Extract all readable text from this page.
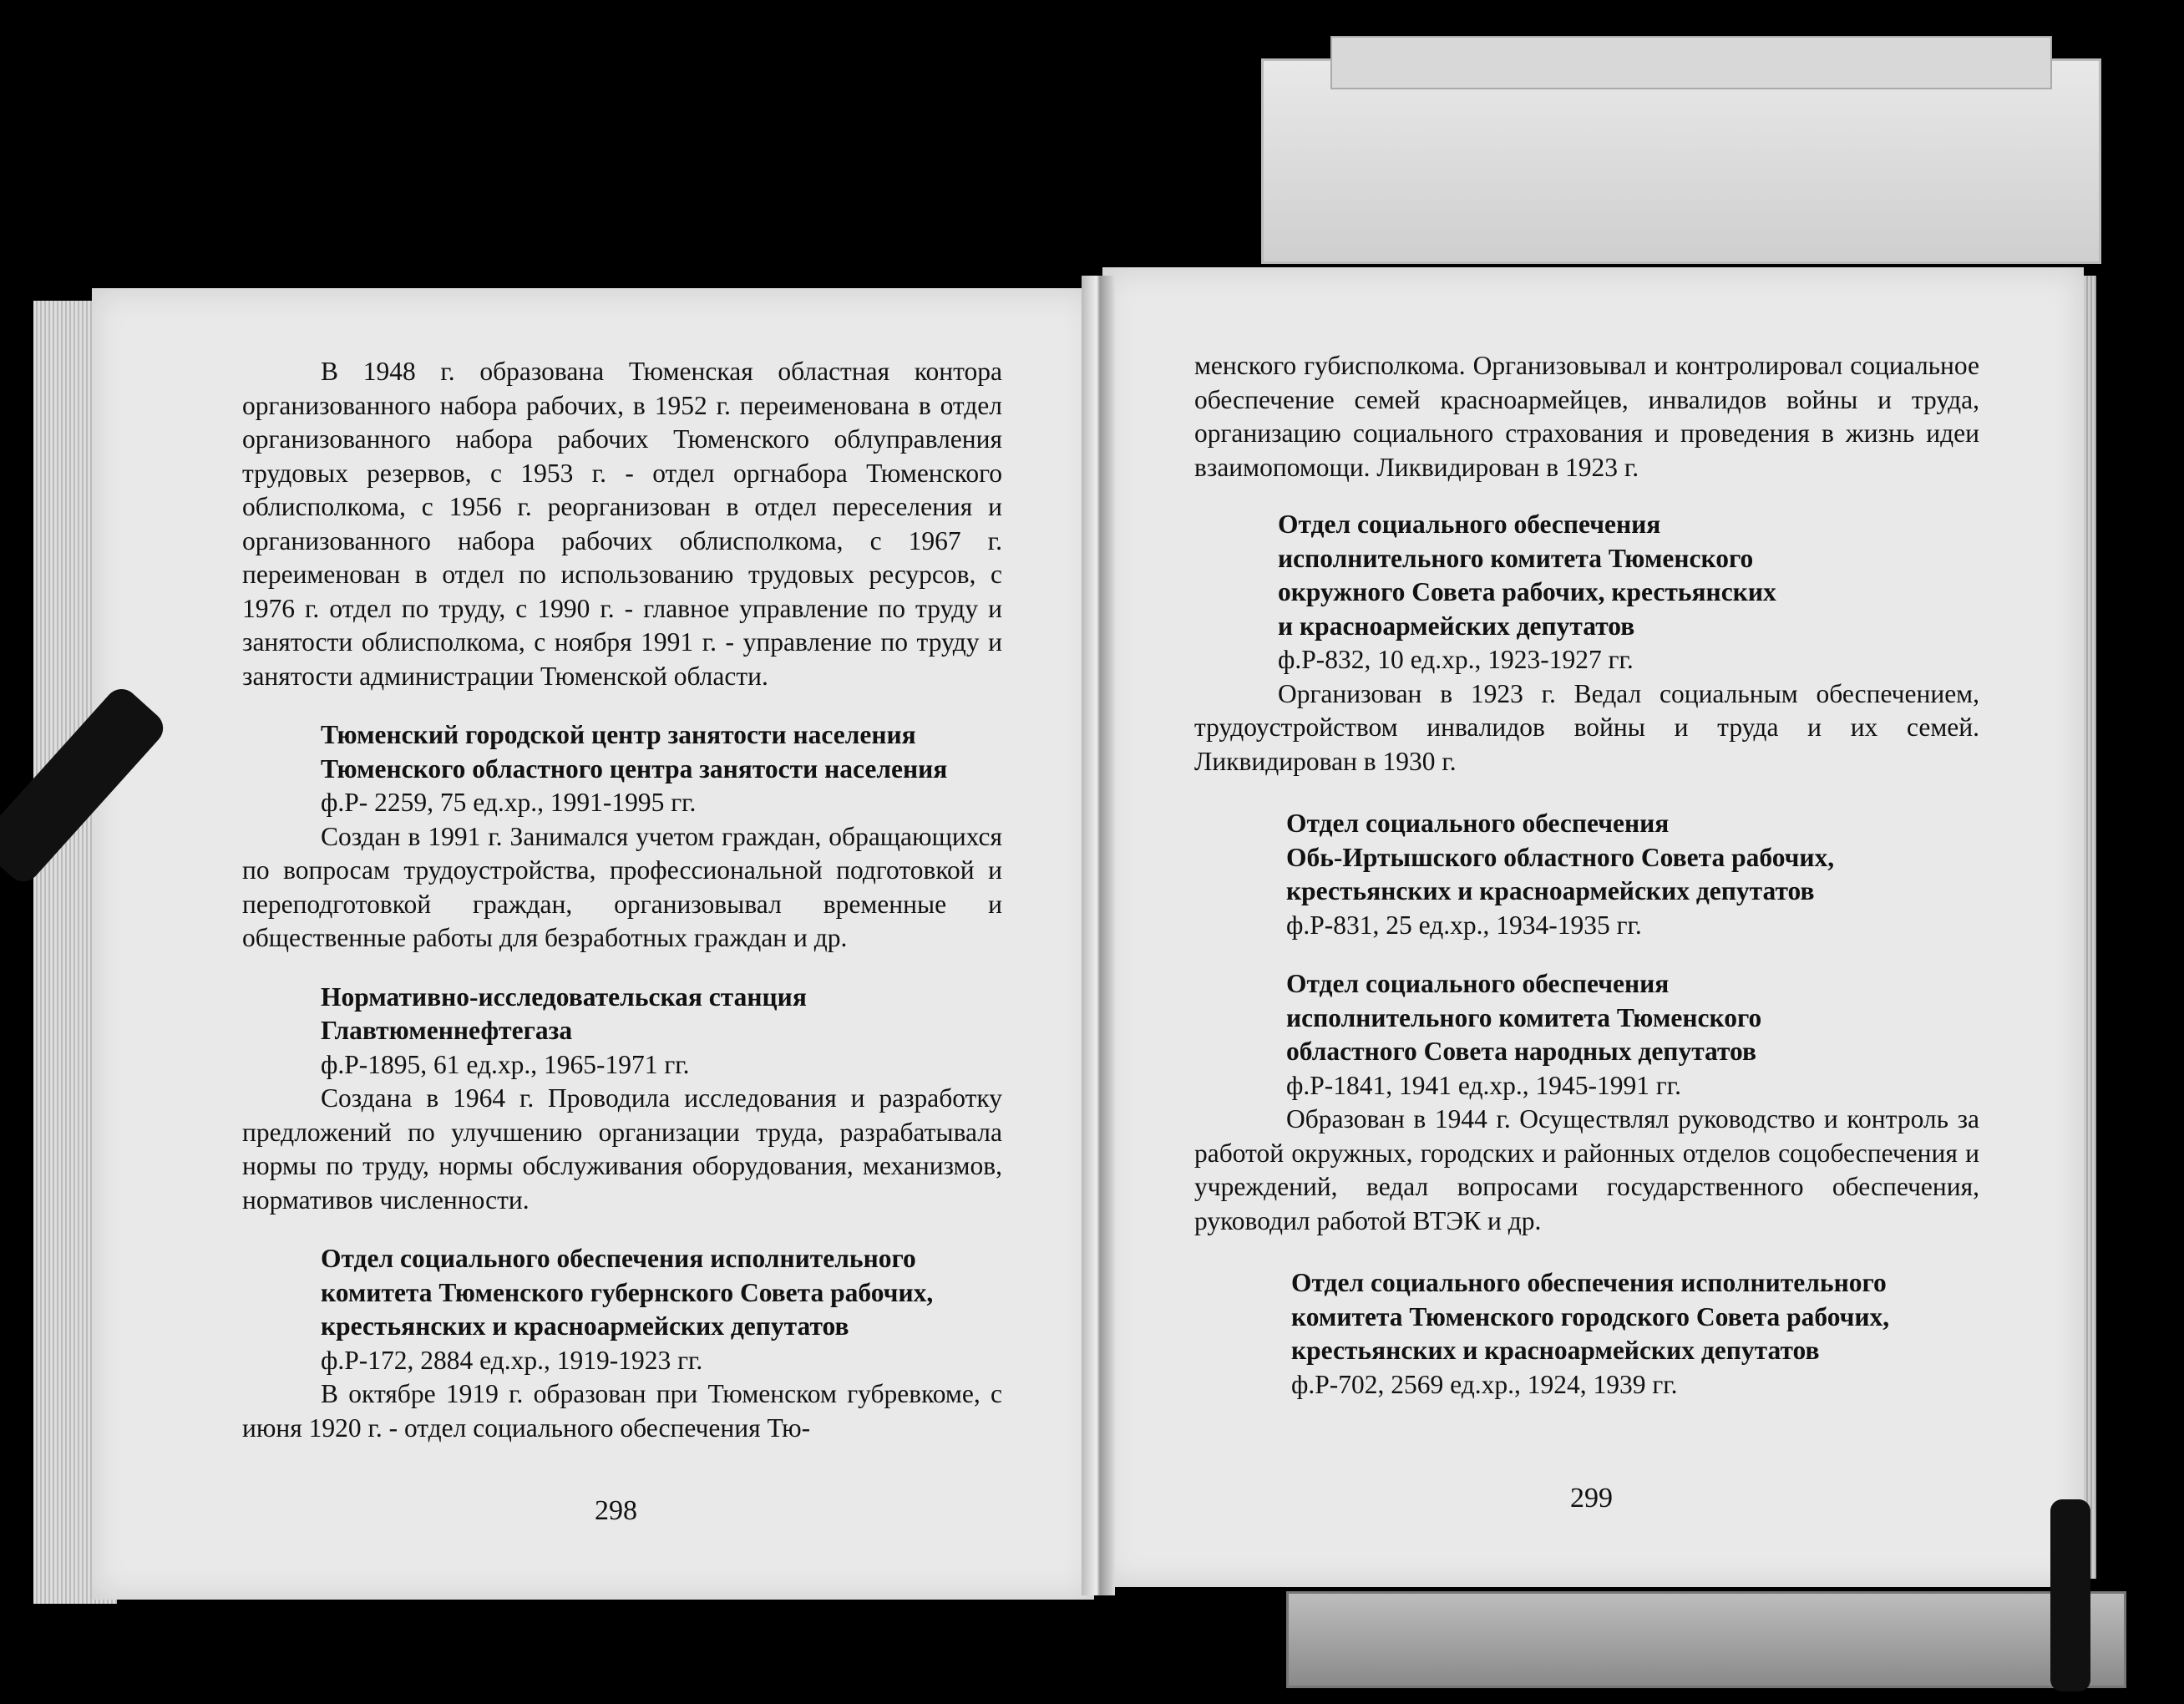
В 1948 г. образована Тюменская областная контора организованного набора рабочих, в 1952 г. переименована в отдел организованного набора рабочих Тюменского облуправления трудовых резервов, с 1953 г. - отдел оргнабора Тюменского облисполкома, с 1956 г. реорганизован в отдел переселения и организованного набора рабочих облисполкома, с 1967 г. переименован в отдел по использованию трудовых ресурсов, с 1976 г. отдел по труду, с 1990 г. - главное управление по труду и занятости облисполкома, с ноября 1991 г. - управление по труду и занятости администрации Тюменской области.

Тюменский городской центр занятости населения
Тюменского областного центра занятости населения

ф.Р- 2259, 75 ед.хр., 1991-1995 гг.

Создан в 1991 г. Занимался учетом граждан, обращающихся по вопросам трудоустройства, профессиональной подготовкой и переподготовкой граждан, организовывал временные и общественные работы для безработных граждан и др.

Нормативно-исследовательская станция
Главтюменнефтегаза

ф.Р-1895, 61 ед.хр., 1965-1971 гг.

Создана в 1964 г. Проводила исследования и разработку предложений по улучшению организации труда, разрабатывала нормы по труду, нормы обслуживания оборудования, механизмов, нормативов численности.

Отдел социального обеспечения исполнительного
комитета Тюменского губернского Совета рабочих,
крестьянских и красноармейских депутатов

ф.Р-172, 2884 ед.хр., 1919-1923 гг.

В октябре 1919 г. образован при Тюменском губревкоме, с июня 1920 г. - отдел социального обеспечения Тю-

298

менского губисполкома. Организовывал и контролировал социальное обеспечение семей красноармейцев, инвалидов войны и труда, организацию социального страхования и проведения в жизнь идеи взаимопомощи. Ликвидирован в 1923 г.

Отдел социального обеспечения
исполнительного комитета Тюменского
окружного Совета рабочих, крестьянских
и красноармейских депутатов

ф.Р-832, 10 ед.хр., 1923-1927 гг.

Организован в 1923 г. Ведал социальным обеспечением, трудоустройством инвалидов войны и труда и их семей. Ликвидирован в 1930 г.

Отдел социального обеспечения
Обь-Иртышского областного Совета рабочих,
крестьянских и красноармейских депутатов

ф.Р-831, 25 ед.хр., 1934-1935 гг.

Отдел социального обеспечения
исполнительного комитета Тюменского
областного Совета народных депутатов

ф.Р-1841, 1941 ед.хр., 1945-1991 гг.

Образован в 1944 г. Осуществлял руководство и контроль за работой окружных, городских и районных отделов соцобеспечения и учреждений, ведал вопросами государственного обеспечения, руководил работой ВТЭК и др.

Отдел социального обеспечения исполнительного
комитета Тюменского городского Совета рабочих,
крестьянских и красноармейских депутатов

ф.Р-702, 2569 ед.хр., 1924, 1939 гг.

299
